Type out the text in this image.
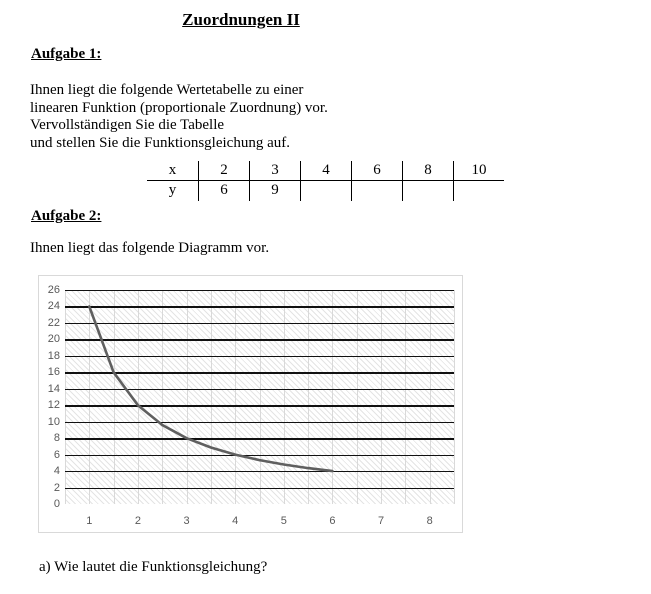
Zuordnungen II
Aufgabe 1:
Ihnen liegt die folgende Wertetabelle zu einer
linearen Funktion (proportionale Zuordnung) vor.
Vervollständigen Sie die Tabelle
und stellen Sie die Funktionsgleichung auf.
x	2	3	4	6	8	10
y	6	9
Aufgabe 2:
Ihnen liegt das folgende Diagramm vor.
0
2
4
6
8
10
12
14
16
18
20
22
24
26
1	2	3	4	5	6	7	8
a) Wie lautet die Funktionsgleichung?
